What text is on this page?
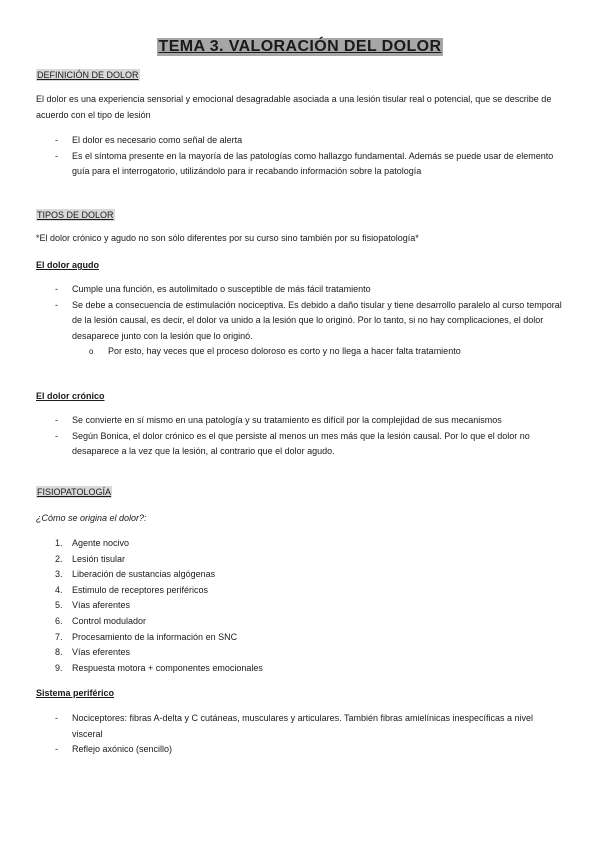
TEMA 3. VALORACIÓN DEL DOLOR
DEFINICIÓN DE DOLOR
El dolor es una experiencia sensorial y emocional desagradable asociada a una lesión tisular real o potencial, que se describe de acuerdo con el tipo de lesión
- El dolor es necesario como señal de alerta
- Es el síntoma presente en la mayoría de las patologías como hallazgo fundamental. Además se puede usar de elemento guía para el interrogatorio, utilizándolo para ir recabando información sobre la patología
TIPOS DE DOLOR
*El dolor crónico y agudo no son sólo diferentes por su curso sino también por su fisiopatología*
El dolor agudo
- Cumple una función, es autolimitado o susceptible de más fácil tratamiento
- Se debe a consecuencia de estimulación nociceptiva. Es debido a daño tisular y tiene desarrollo paralelo al curso temporal de la lesión causal, es decir, el dolor va unido a la lesión que lo originó. Por lo tanto, si no hay complicaciones, el dolor desaparece junto con la lesión que lo originó.
o Por esto, hay veces que el proceso doloroso es corto y no llega a hacer falta tratamiento
El dolor crónico
- Se convierte en sí mismo en una patología y su tratamiento es difícil por la complejidad de sus mecanismos
- Según Bonica, el dolor crónico es el que persiste al menos un mes más que la lesión causal. Por lo que el dolor no desaparece a la vez que la lesión, al contrario que el dolor agudo.
FISIOPATOLOGÍA
¿Cómo se origina el dolor?:
1. Agente nocivo
2. Lesión tisular
3. Liberación de sustancias algógenas
4. Estimulo de receptores periféricos
5. Vías aferentes
6. Control modulador
7. Procesamiento de la información en SNC
8. Vías eferentes
9. Respuesta motora + componentes emocionales
Sistema periférico
- Nociceptores: fibras A-delta y C cutáneas, musculares y articulares. También fibras amielínicas inespecíficas a nivel visceral
- Reflejo axónico (sencillo)
